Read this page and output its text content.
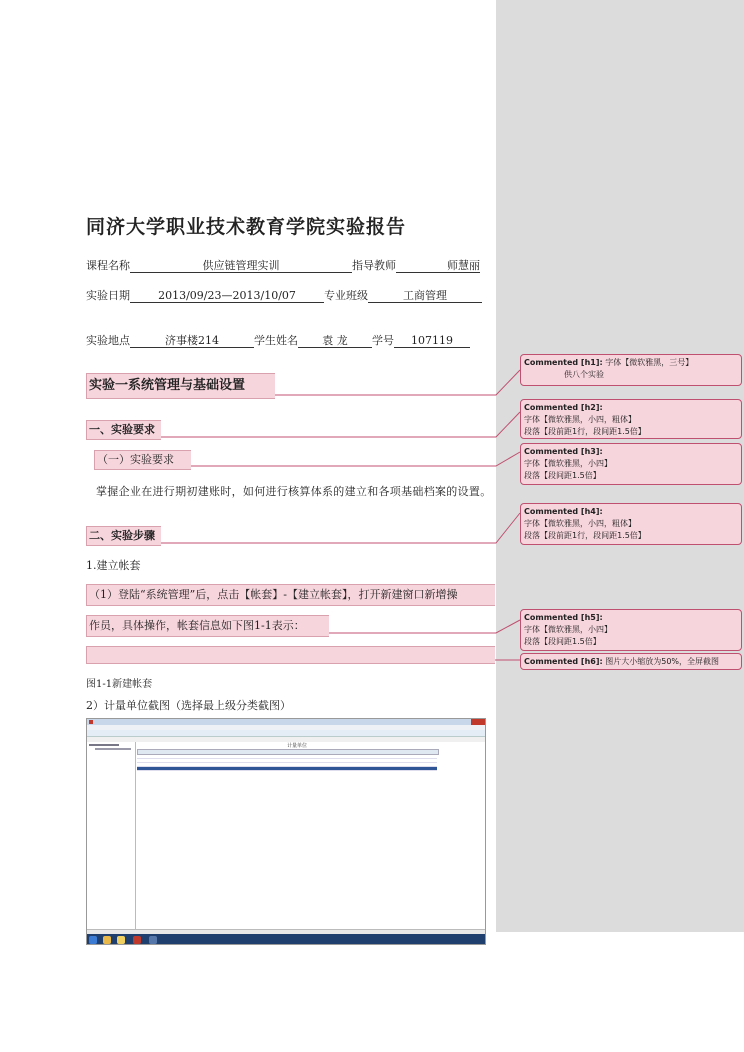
同济大学职业技术教育学院实验报告
课程名称	供应链管理实训	指导教师	师慧丽
实验日期	2013/09/23—2013/10/07	专业班级	工商管理
实验地点	济事楼214	学生姓名 袁 龙 学号 107119
实验一系统管理与基础设置
一、实验要求
（一）实验要求
掌握企业在进行期初建账时，如何进行核算体系的建立和各项基础档案的设置。
二、实验步骤
1.建立帐套
（1）登陆“系统管理”后，点击【帐套】-【建立帐套】，打开新建窗口新增操
作员，具体操作，帐套信息如下图1-1表示：
图1-1新建帐套
2）计量单位截图（选择最上级分类截图）
计量单位
Commented [h1]: 字体【微软雅黑，三号】
供八个实验
Commented [h2]:
字体【微软雅黑，小四，粗体】
段落【段前距1行，段间距1.5倍】
Commented [h3]:
字体【微软雅黑，小四】
段落【段间距1.5倍】
Commented [h4]:
字体【微软雅黑，小四，粗体】
段落【段前距1行，段间距1.5倍】
Commented [h5]:
字体【微软雅黑，小四】
段落【段间距1.5倍】
Commented [h6]: 图片大小缩放为50%，全屏截图
